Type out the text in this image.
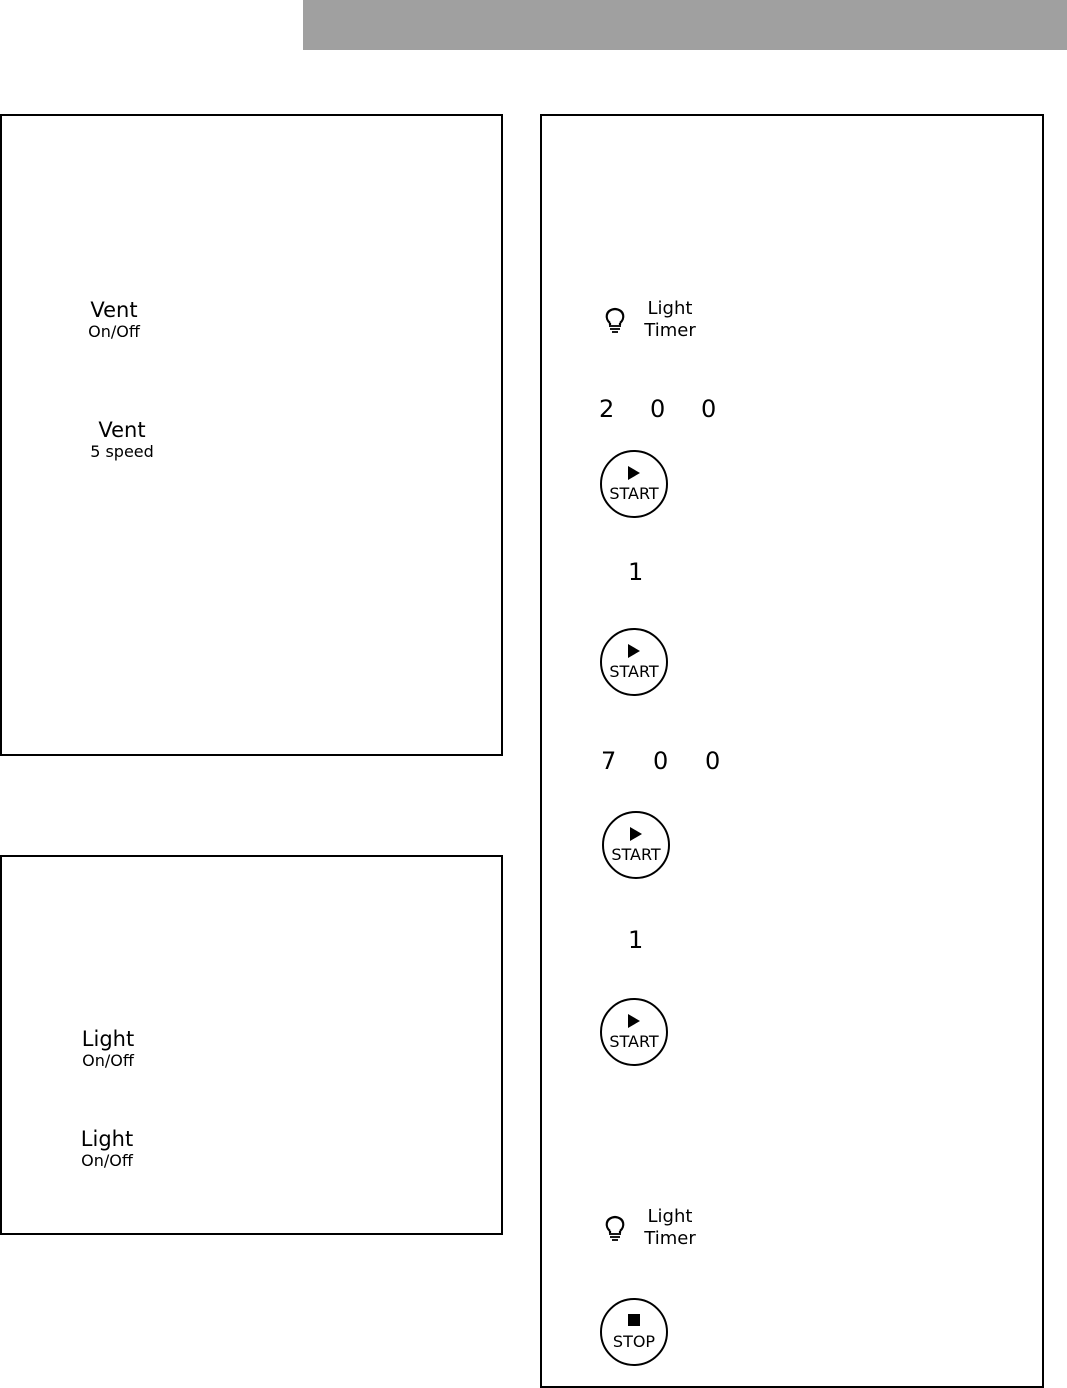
Vent
On/Off
Vent
5 speed
Light
On/Off
Light
On/Off
Light
Timer
2 0 0
START
1
START
7 0 0
START
1
START
Light
Timer
STOP
